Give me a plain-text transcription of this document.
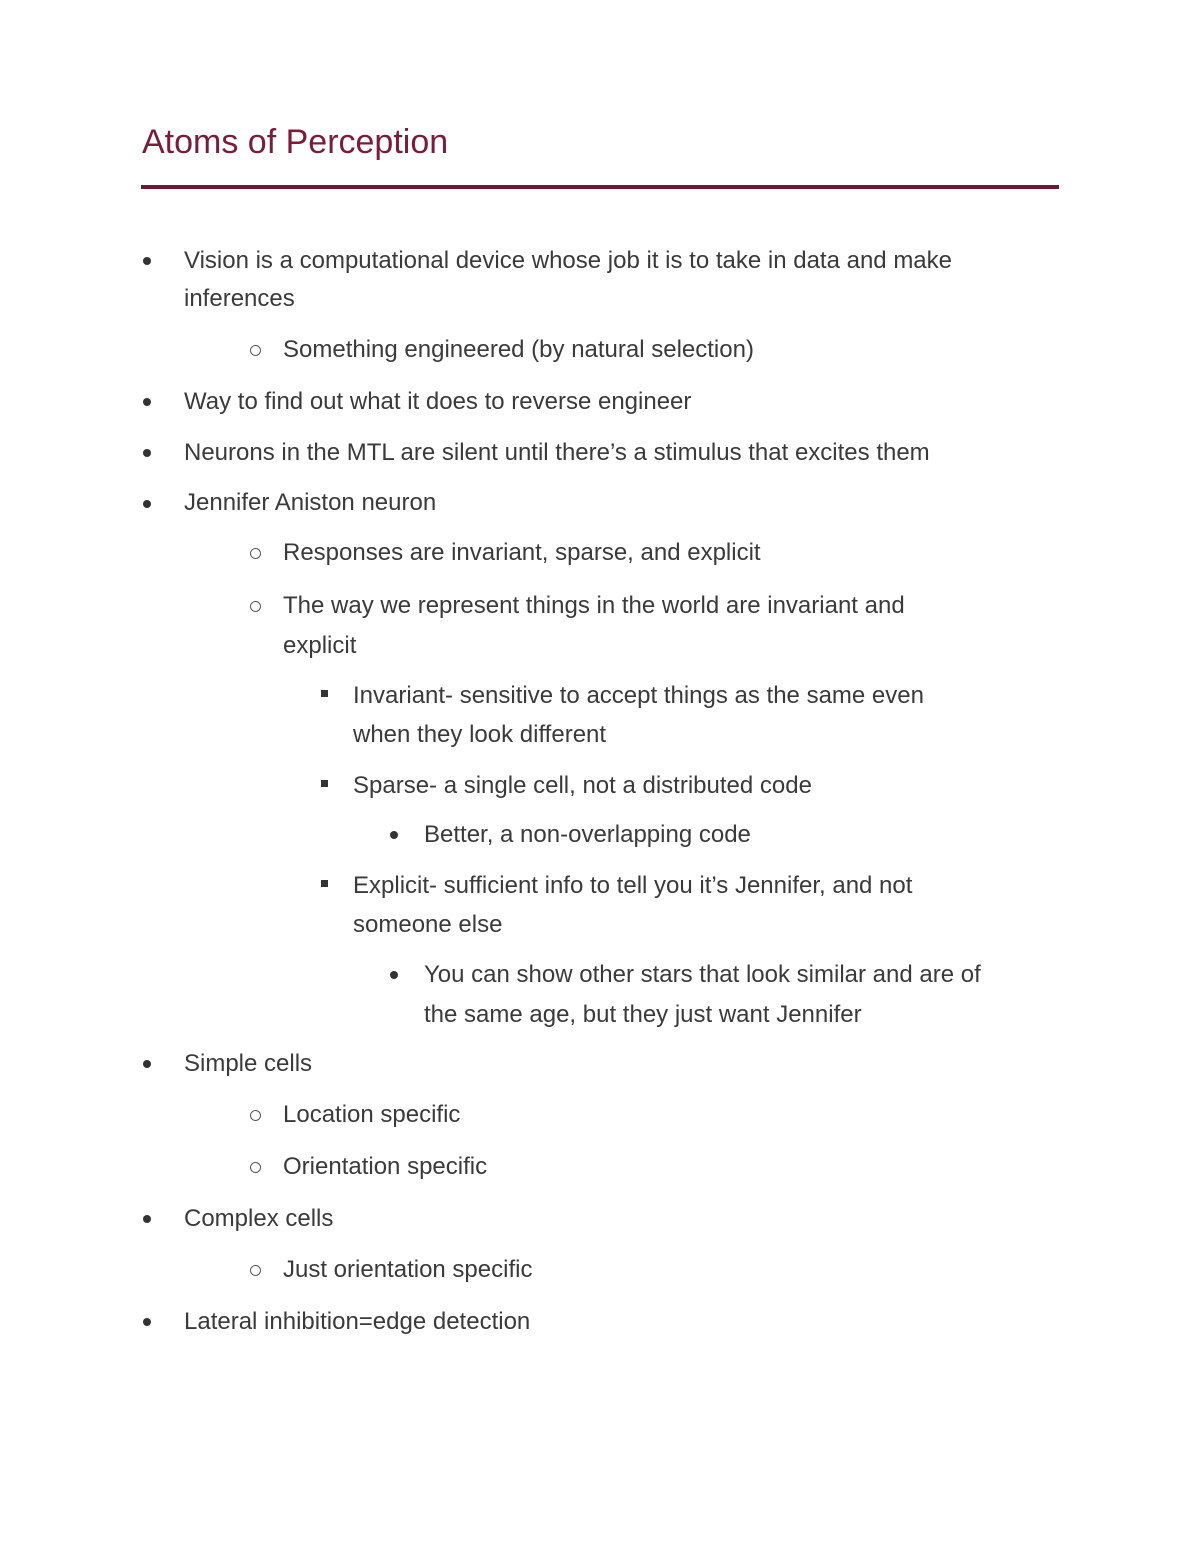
Atoms of Perception
Vision is a computational device whose job it is to take in data and make
inferences
Something engineered (by natural selection)
Way to find out what it does to reverse engineer
Neurons in the MTL are silent until there’s a stimulus that excites them
Jennifer Aniston neuron
Responses are invariant, sparse, and explicit
The way we represent things in the world are invariant and
explicit
Invariant- sensitive to accept things as the same even
when they look different
Sparse- a single cell, not a distributed code
Better, a non-overlapping code
Explicit- sufficient info to tell you it’s Jennifer, and not
someone else
You can show other stars that look similar and are of
the same age, but they just want Jennifer
Simple cells
Location specific
Orientation specific
Complex cells
Just orientation specific
Lateral inhibition=edge detection
